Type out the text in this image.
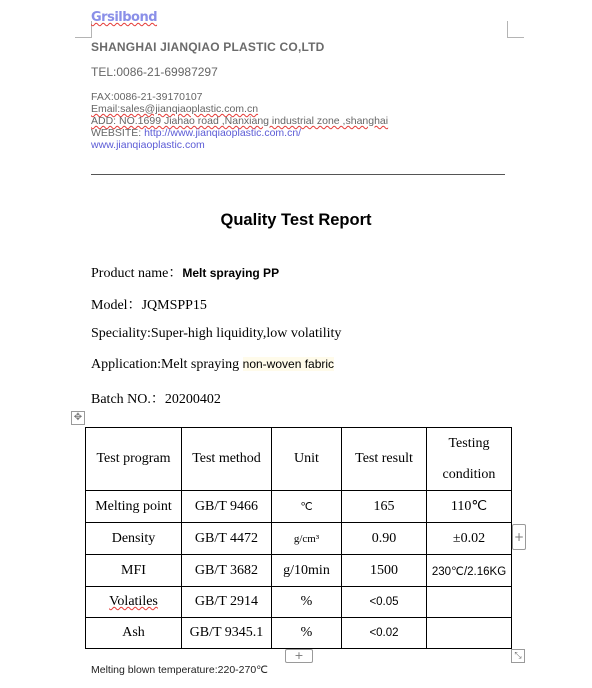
Grsilbond
SHANGHAI JIANQIAO PLASTIC CO,LTD
TEL:0086-21-69987297
FAX:0086-21-39170107
Email:sales@jianqiaoplastic.com.cn
ADD: NO.1699 Jiahao road ,Nanxiang industrial zone ,shanghai
WEBSITE: http://www.jianqiaoplastic.com.cn/
www.jianqiaoplastic.com
Quality Test Report
Product name：Melt spraying PP
Model：JQMSPP15
Speciality:Super-high liquidity,low volatility
Application:Melt spraying non-woven fabric
Batch NO.：20200402
✥
Test program	Test method	Unit	Test result	Testing
condition
Melting point	GB/T 9466	℃	165	110℃
Density	GB/T 4472	g/cm³	0.90	±0.02
MFI	GB/T 3682	g/10min	1500	230℃/2.16KG
Volatiles	GB/T 2914	%	<0.05	
Ash	GB/T 9345.1	%	<0.02	
+
+	⤡
Melting blown temperature:220-270℃
